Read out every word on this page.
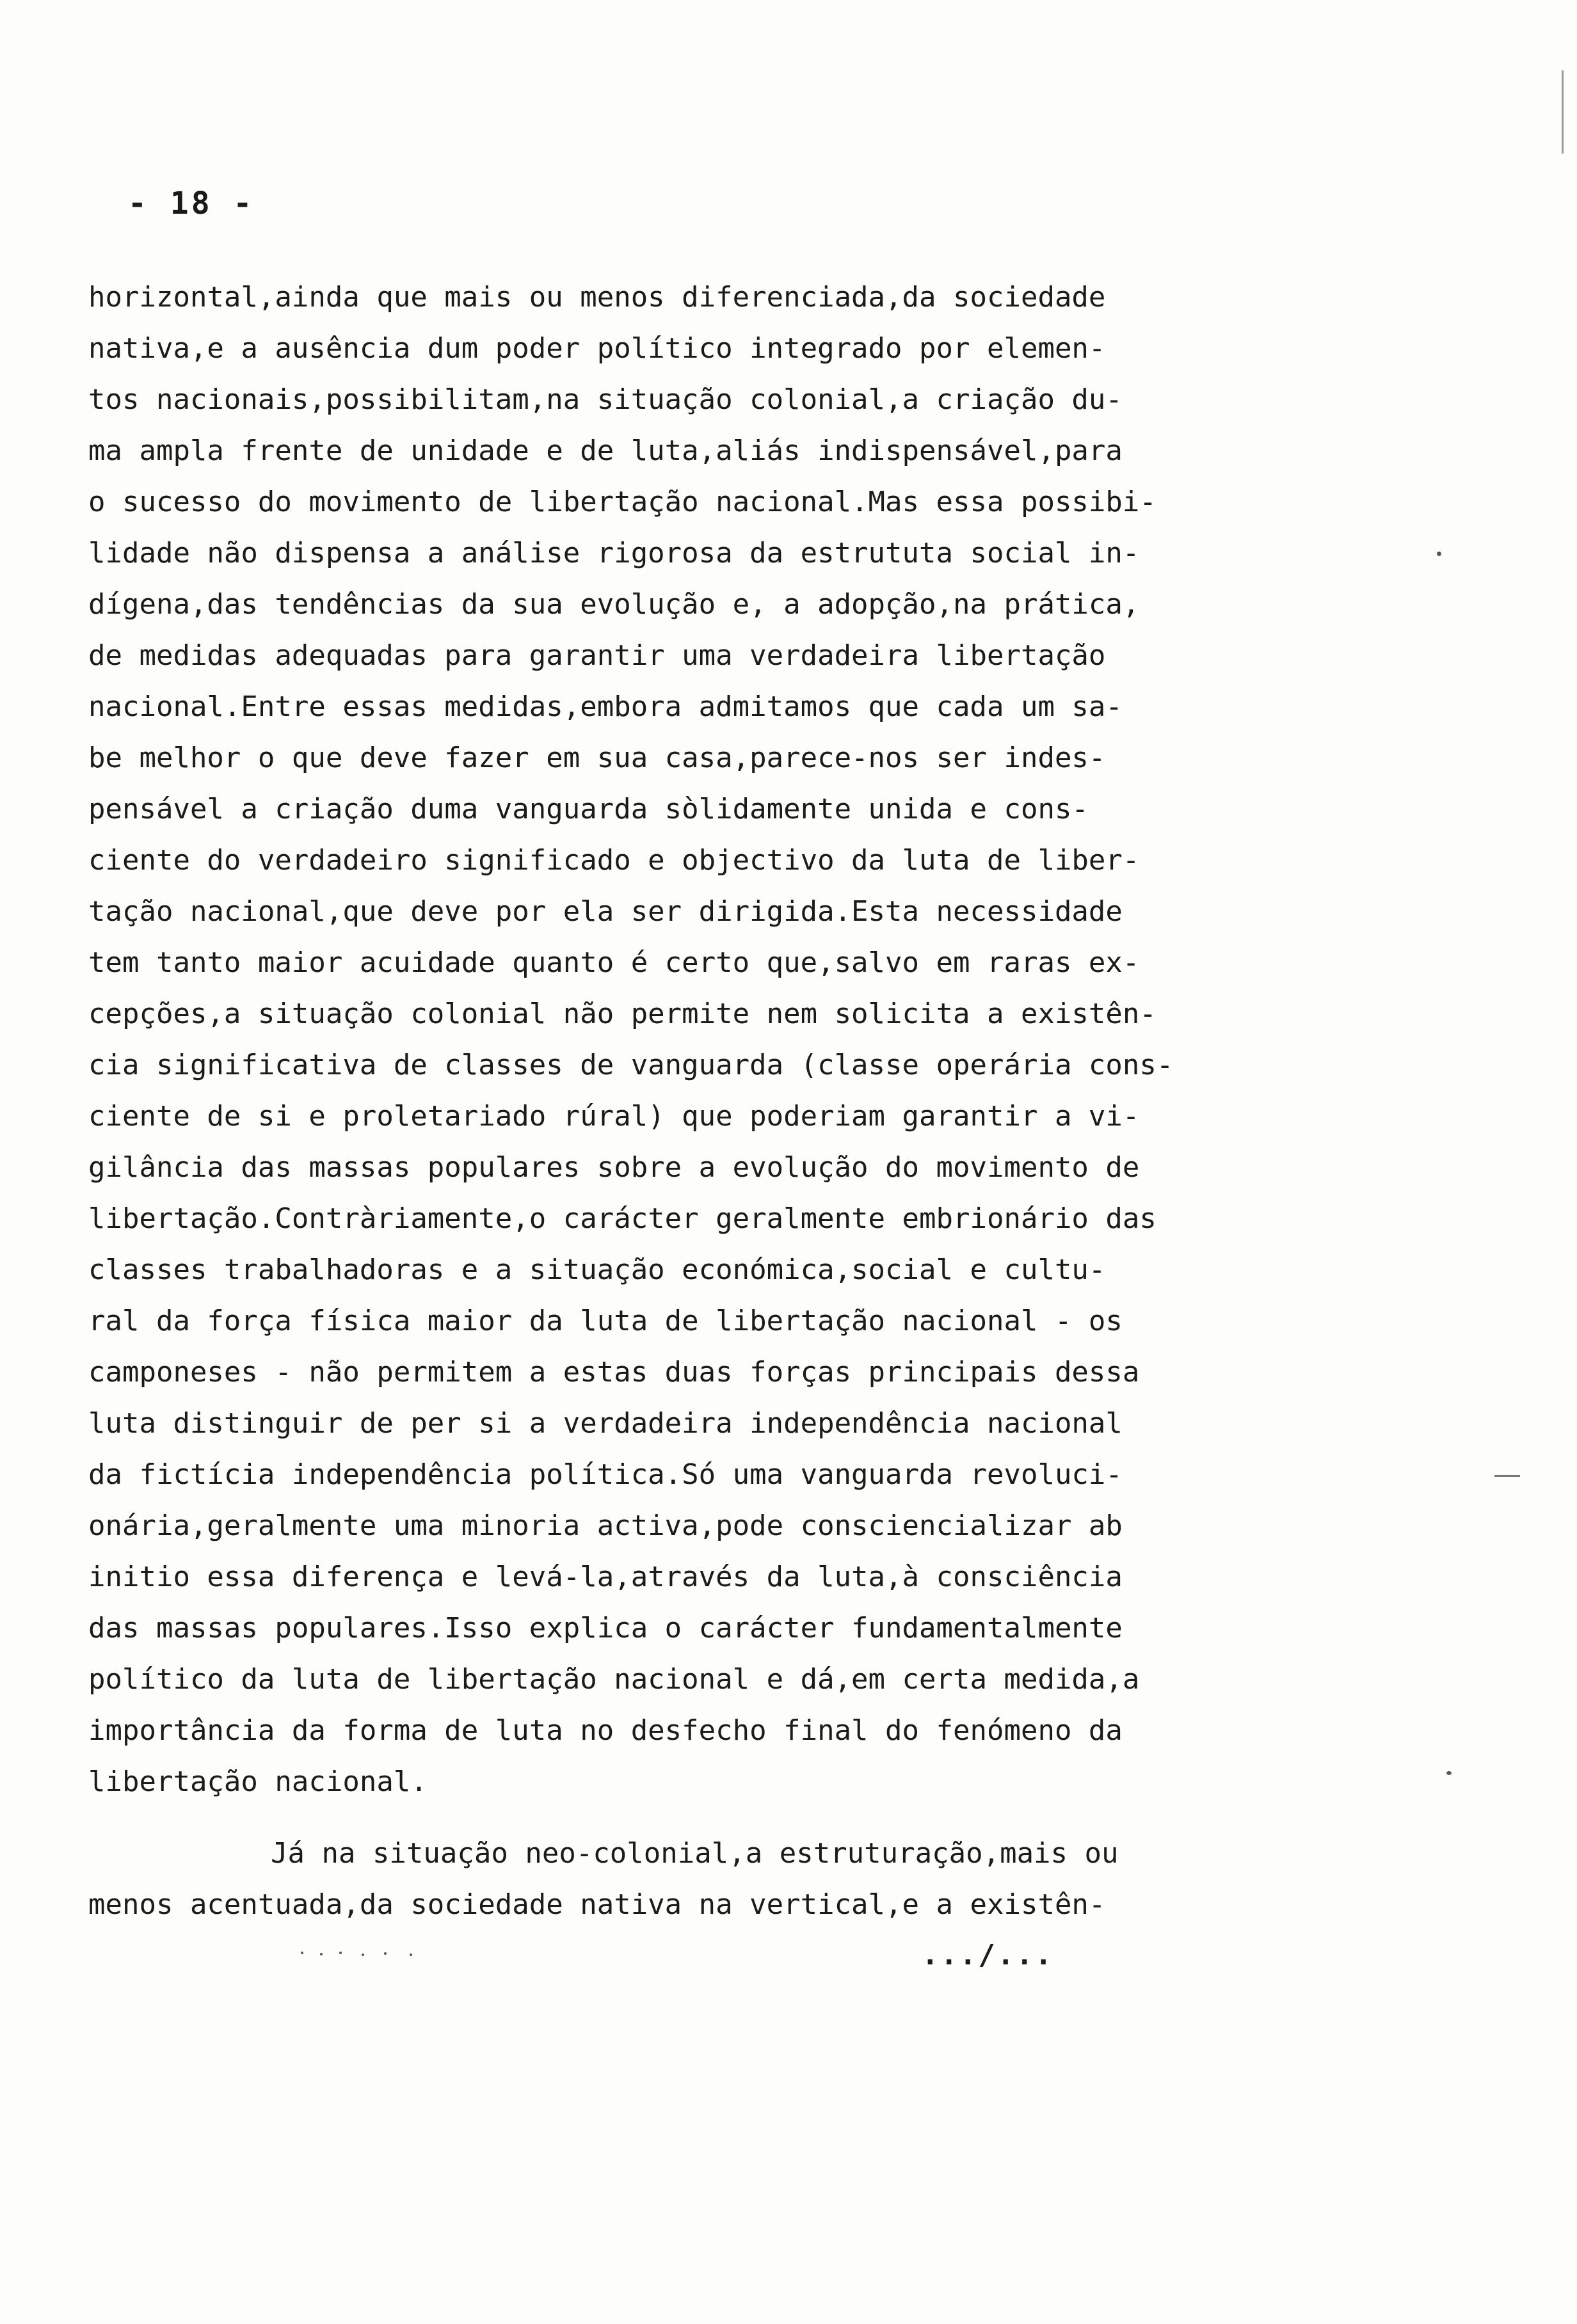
- 18 -
horizontal,ainda que mais ou menos diferenciada,da sociedade
nativa,e a ausência dum poder político integrado por elemen-
tos nacionais,possibilitam,na situação colonial,a criação du-
ma ampla frente de unidade e de luta,aliás indispensável,para
o sucesso do movimento de libertação nacional.Mas essa possibi-
lidade não dispensa a análise rigorosa da estrututa social in-
dígena,das tendências da sua evolução e, a adopção,na prática,
de medidas adequadas para garantir uma verdadeira libertação
nacional.Entre essas medidas,embora admitamos que cada um sa-
be melhor o que deve fazer em sua casa,parece-nos ser indes-
pensável a criação duma vanguarda sòlidamente unida e cons-
ciente do verdadeiro significado e objectivo da luta de liber-
tação nacional,que deve por ela ser dirigida.Esta necessidade
tem tanto maior acuidade quanto é certo que,salvo em raras ex-
cepções,a situação colonial não permite nem solicita a existên-
cia significativa de classes de vanguarda (classe operária cons-
ciente de si e proletariado rúral) que poderiam garantir a vi-
gilância das massas populares sobre a evolução do movimento de
libertação.Contràriamente,o carácter geralmente embrionário das
classes trabalhadoras e a situação económica,social e cultu-
ral da força física maior da luta de libertação nacional - os
camponeses - não permitem a estas duas forças principais dessa
luta distinguir de per si a verdadeira independência nacional
da fictícia independência política.Só uma vanguarda revoluci-
onária,geralmente uma minoria activa,pode consciencializar ab
initio essa diferença e levá-la,através da luta,à consciência
das massas populares.Isso explica o carácter fundamentalmente
político da luta de libertação nacional e dá,em certa medida,a
importância da forma de luta no desfecho final do fenómeno da
libertação nacional.
Já na situação neo-colonial,a estruturação,mais ou
menos acentuada,da sociedade nativa na vertical,e a existên-
.../...
